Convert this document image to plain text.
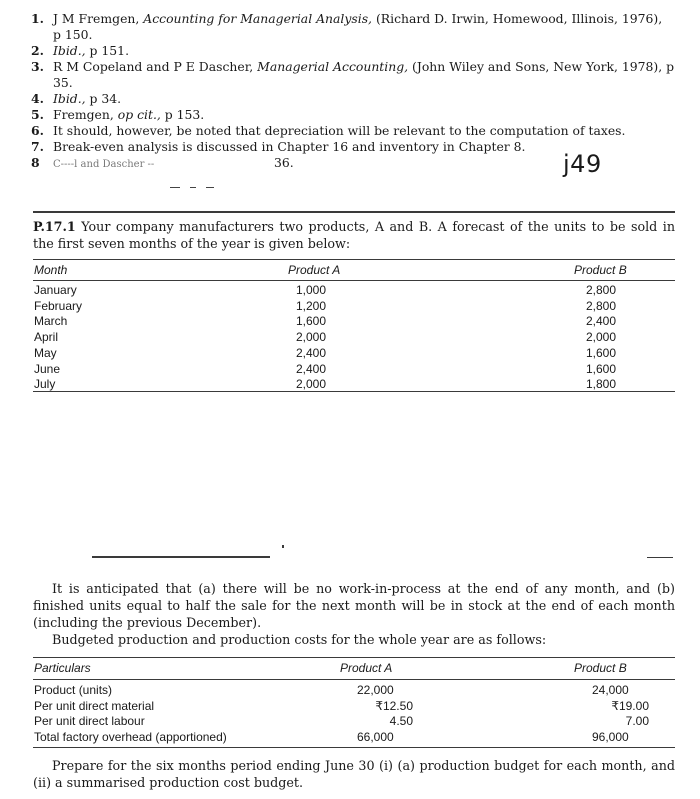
1. J M Fremgen, Accounting for Managerial Analysis, (Richard D. Irwin, Homewood, Illinois, 1976),
p 150.
2. Ibid., p 151.
3. R M Copeland and P E Dascher, Managerial Accounting, (John Wiley and Sons, New York, 1978), p 35.
4. Ibid., p 34.
5. Fremgen, op cit., p 153.
6. It should, however, be noted that depreciation will be relevant to the computation of taxes.
7. Break-even analysis is discussed in Chapter 16 and inventory in Chapter 8.
8 C----l and Dascher --	36.	j49
P.17.1 Your company manufacturers two products, A and B. A forecast of the units to be sold in the first seven months of the year is given below:
Month	Product A	Product B
January	1,000	2,800
February	1,200	2,800
March	1,600	2,400
April	2,000	2,000
May	2,400	1,600
June	2,400	1,600
July	2,000	1,800
It is anticipated that (a) there will be no work-in-process at the end of any month, and (b) finished units equal to half the sale for the next month will be in stock at the end of each month (including the previous December).
Budgeted production and production costs for the whole year are as follows:
Particulars	Product A	Product B
Product (units)	22,000	24,000
Per unit direct material	₹12.50	₹19.00
Per unit direct labour	4.50	7.00
Total factory overhead (apportioned)	66,000	96,000
Prepare for the six months period ending June 30 (i) (a) production budget for each month, and (ii) a summarised production cost budget.
